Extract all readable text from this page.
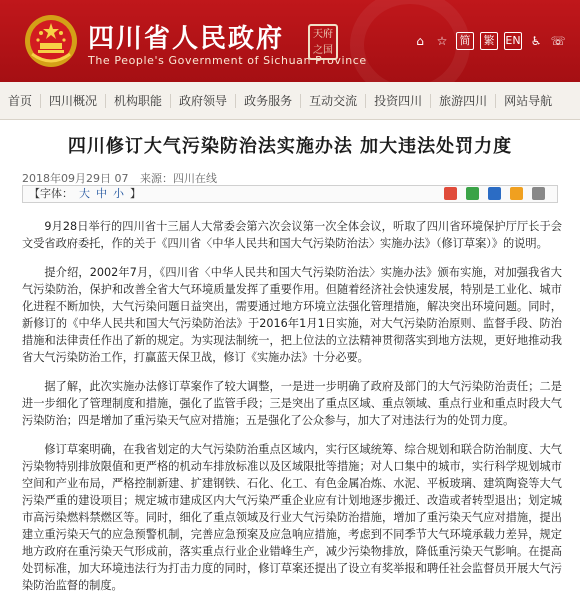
四川省人民政府
The People's Government of Sichuan Province
天府之国
⌂	☆	简	繁 EN ♿ ☏
首页	四川概况	机构职能	政府领导	政务服务	互动交流	投资四川	旅游四川	网站导航
四川修订大气污染防治法实施办法 加大违法处罚力度
2018年09月29日 07 来源：四川在线
【字体： 大 中 小 】

9月28日举行的四川省十三届人大常委会第六次会议第一次全体会议，听取了四川省环境保护厅厅长于会文受省政府委托，作的关于《四川省〈中华人民共和国大气污染防治法〉实施办法》（修订草案）》的说明。

提介绍，2002年7月，《四川省〈中华人民共和国大气污染防治法〉实施办法》颁布实施，对加强我省大气污染防治，保护和改善全省大气环境质量发挥了重要作用。但随着经济社会快速发展，特别是工业化、城市化进程不断加快，大气污染问题日益突出，需要通过地方环境立法强化管理措施，解决突出环境问题。同时，新修订的《中华人民共和国大气污染防治法》于2016年1月1日实施，对大气污染防治原则、监督手段、防治措施和法律责任作出了新的规定。为实现法制统一，把上位法的立法精神贯彻落实到地方法规，更好地推动我省大气污染防治工作，打赢蓝天保卫战，修订《实施办法》十分必要。

据了解，此次实施办法修订草案作了较大调整，一是进一步明确了政府及部门的大气污染防治责任；二是进一步细化了管理制度和措施，强化了监管手段；三是突出了重点区域、重点领域、重点行业和重点时段大气污染防治；四是增加了重污染天气应对措施；五是强化了公众参与，加大了对违法行为的处罚力度。

修订草案明确，在我省划定的大气污染防治重点区域内，实行区域统筹、综合规划和联合防治制度、大气污染物特别排放限值和更严格的机动车排放标准以及区域限批等措施；对人口集中的城市，实行科学规划城市空间和产业布局，严格控制新建、扩建钢铁、石化、化工、有色金属冶炼、水泥、平板玻璃、建筑陶瓷等大气污染严重的建设项目；规定城市建成区内大气污染严重企业应有计划地逐步搬迁、改造或者转型退出；划定城市高污染燃料禁燃区等。同时，细化了重点领域及行业大气污染防治措施，增加了重污染天气应对措施，提出建立重污染天气的应急预警机制，完善应急预案及应急响应措施，考虑到不同季节大气环境承载力差异，规定地方政府在重污染天气形成前，落实重点行业企业错峰生产，减少污染物排放，降低重污染天气影响。在提高处罚标准，加大环境违法行为打击力度的同时，修订草案还提出了设立有奖举报和聘任社会监督员开展大气污染防治监督的制度。
